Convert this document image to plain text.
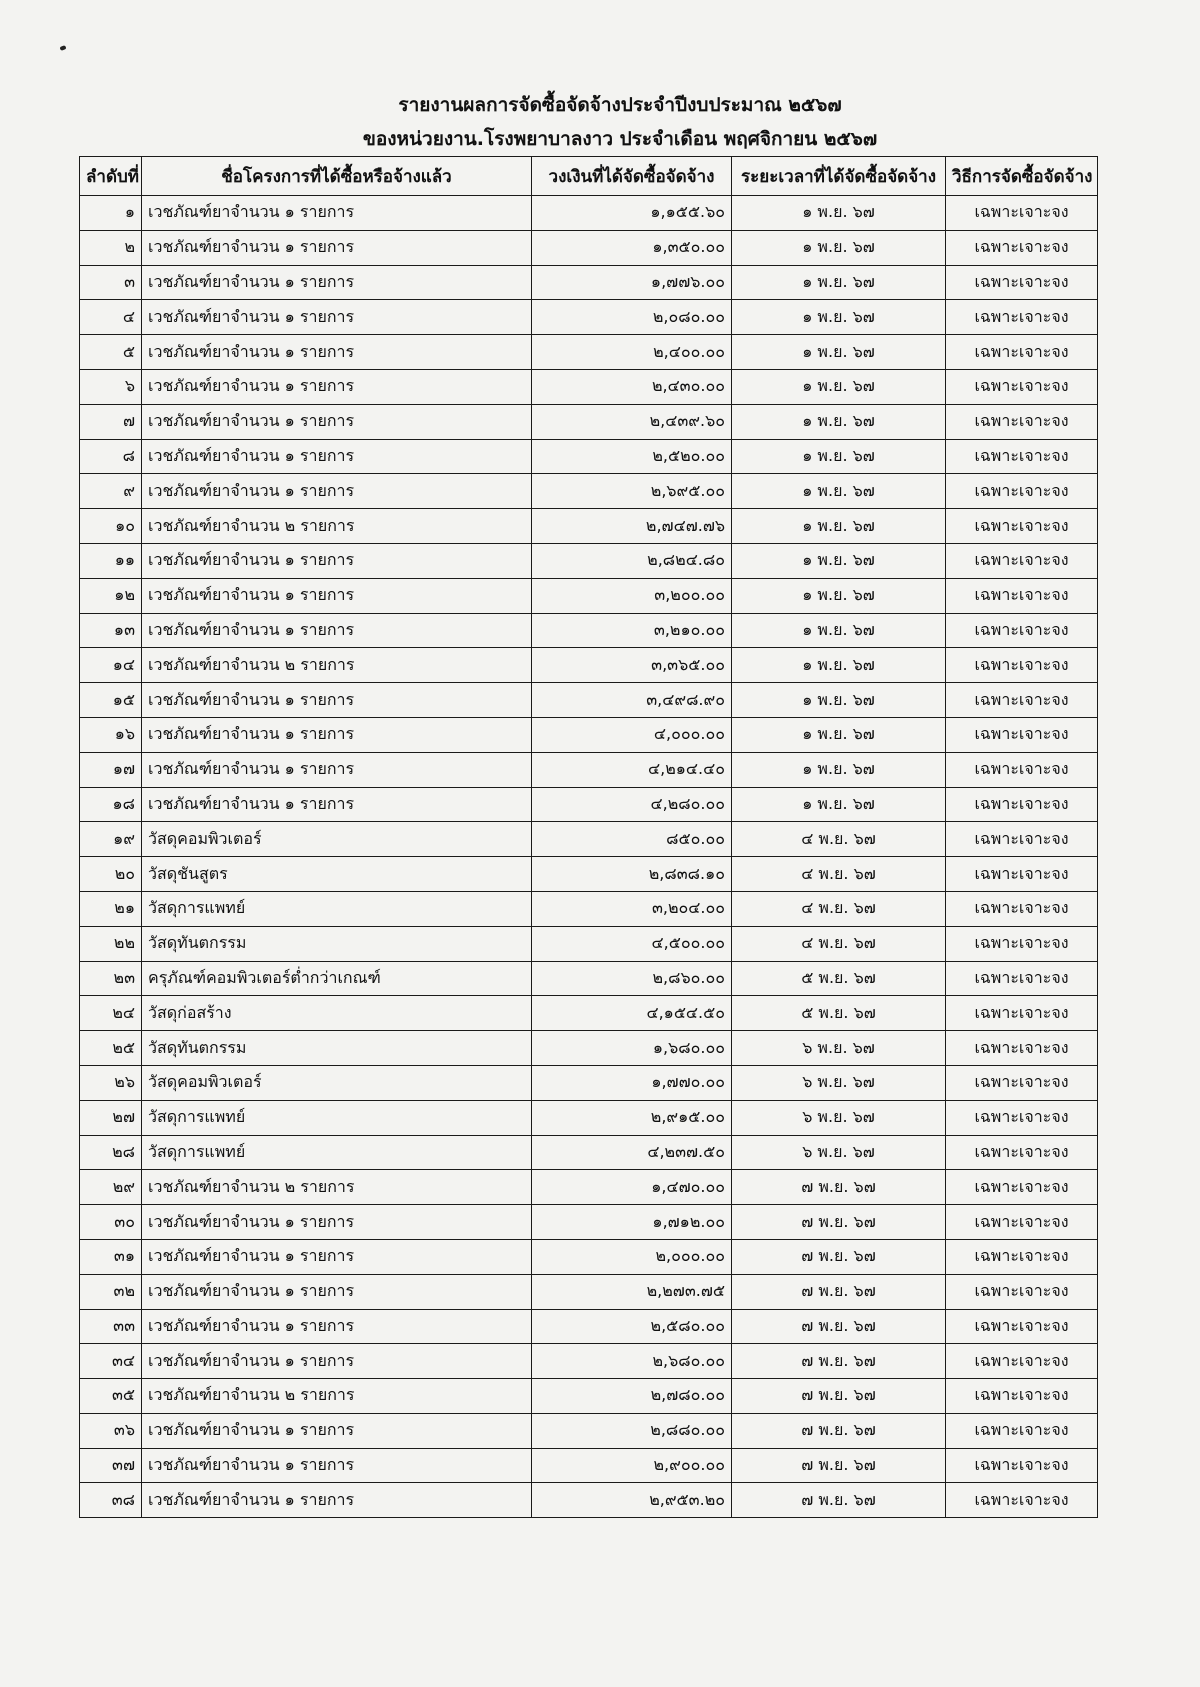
รายงานผลการจัดซื้อจัดจ้างประจำปีงบประมาณ ๒๕๖๗
ของหน่วยงาน.โรงพยาบาลงาว ประจำเดือน พฤศจิกายน ๒๕๖๗
ลำดับที่	ชื่อโครงการที่ได้ซื้อหรือจ้างแล้ว	วงเงินที่ได้จัดซื้อจัดจ้าง	ระยะเวลาที่ได้จัดซื้อจัดจ้าง	วิธีการจัดซื้อจัดจ้าง
๑	เวชภัณฑ์ยาจำนวน ๑ รายการ	๑,๑๕๕.๖๐	๑ พ.ย. ๖๗	เฉพาะเจาะจง
๒	เวชภัณฑ์ยาจำนวน ๑ รายการ	๑,๓๕๐.๐๐	๑ พ.ย. ๖๗	เฉพาะเจาะจง
๓	เวชภัณฑ์ยาจำนวน ๑ รายการ	๑,๗๗๖.๐๐	๑ พ.ย. ๖๗	เฉพาะเจาะจง
๔	เวชภัณฑ์ยาจำนวน ๑ รายการ	๒,๐๘๐.๐๐	๑ พ.ย. ๖๗	เฉพาะเจาะจง
๕	เวชภัณฑ์ยาจำนวน ๑ รายการ	๒,๔๐๐.๐๐	๑ พ.ย. ๖๗	เฉพาะเจาะจง
๖	เวชภัณฑ์ยาจำนวน ๑ รายการ	๒,๔๓๐.๐๐	๑ พ.ย. ๖๗	เฉพาะเจาะจง
๗	เวชภัณฑ์ยาจำนวน ๑ รายการ	๒,๔๓๙.๖๐	๑ พ.ย. ๖๗	เฉพาะเจาะจง
๘	เวชภัณฑ์ยาจำนวน ๑ รายการ	๒,๕๒๐.๐๐	๑ พ.ย. ๖๗	เฉพาะเจาะจง
๙	เวชภัณฑ์ยาจำนวน ๑ รายการ	๒,๖๙๕.๐๐	๑ พ.ย. ๖๗	เฉพาะเจาะจง
๑๐	เวชภัณฑ์ยาจำนวน ๒ รายการ	๒,๗๔๗.๗๖	๑ พ.ย. ๖๗	เฉพาะเจาะจง
๑๑	เวชภัณฑ์ยาจำนวน ๑ รายการ	๒,๘๒๔.๘๐	๑ พ.ย. ๖๗	เฉพาะเจาะจง
๑๒	เวชภัณฑ์ยาจำนวน ๑ รายการ	๓,๒๐๐.๐๐	๑ พ.ย. ๖๗	เฉพาะเจาะจง
๑๓	เวชภัณฑ์ยาจำนวน ๑ รายการ	๓,๒๑๐.๐๐	๑ พ.ย. ๖๗	เฉพาะเจาะจง
๑๔	เวชภัณฑ์ยาจำนวน ๒ รายการ	๓,๓๖๕.๐๐	๑ พ.ย. ๖๗	เฉพาะเจาะจง
๑๕	เวชภัณฑ์ยาจำนวน ๑ รายการ	๓,๔๙๘.๙๐	๑ พ.ย. ๖๗	เฉพาะเจาะจง
๑๖	เวชภัณฑ์ยาจำนวน ๑ รายการ	๔,๐๐๐.๐๐	๑ พ.ย. ๖๗	เฉพาะเจาะจง
๑๗	เวชภัณฑ์ยาจำนวน ๑ รายการ	๔,๒๑๔.๔๐	๑ พ.ย. ๖๗	เฉพาะเจาะจง
๑๘	เวชภัณฑ์ยาจำนวน ๑ รายการ	๔,๒๘๐.๐๐	๑ พ.ย. ๖๗	เฉพาะเจาะจง
๑๙	วัสดุคอมพิวเตอร์	๘๕๐.๐๐	๔ พ.ย. ๖๗	เฉพาะเจาะจง
๒๐	วัสดุชันสูตร	๒,๘๓๘.๑๐	๔ พ.ย. ๖๗	เฉพาะเจาะจง
๒๑	วัสดุการแพทย์	๓,๒๐๔.๐๐	๔ พ.ย. ๖๗	เฉพาะเจาะจง
๒๒	วัสดุทันตกรรม	๔,๕๐๐.๐๐	๔ พ.ย. ๖๗	เฉพาะเจาะจง
๒๓	ครุภัณฑ์คอมพิวเตอร์ต่ำกว่าเกณฑ์	๒,๘๖๐.๐๐	๕ พ.ย. ๖๗	เฉพาะเจาะจง
๒๔	วัสดุก่อสร้าง	๔,๑๕๔.๕๐	๕ พ.ย. ๖๗	เฉพาะเจาะจง
๒๕	วัสดุทันตกรรม	๑,๖๘๐.๐๐	๖ พ.ย. ๖๗	เฉพาะเจาะจง
๒๖	วัสดุคอมพิวเตอร์	๑,๗๗๐.๐๐	๖ พ.ย. ๖๗	เฉพาะเจาะจง
๒๗	วัสดุการแพทย์	๒,๙๑๕.๐๐	๖ พ.ย. ๖๗	เฉพาะเจาะจง
๒๘	วัสดุการแพทย์	๔,๒๓๗.๕๐	๖ พ.ย. ๖๗	เฉพาะเจาะจง
๒๙	เวชภัณฑ์ยาจำนวน ๒ รายการ	๑,๔๗๐.๐๐	๗ พ.ย. ๖๗	เฉพาะเจาะจง
๓๐	เวชภัณฑ์ยาจำนวน ๑ รายการ	๑,๗๑๒.๐๐	๗ พ.ย. ๖๗	เฉพาะเจาะจง
๓๑	เวชภัณฑ์ยาจำนวน ๑ รายการ	๒,๐๐๐.๐๐	๗ พ.ย. ๖๗	เฉพาะเจาะจง
๓๒	เวชภัณฑ์ยาจำนวน ๑ รายการ	๒,๒๗๓.๗๕	๗ พ.ย. ๖๗	เฉพาะเจาะจง
๓๓	เวชภัณฑ์ยาจำนวน ๑ รายการ	๒,๕๘๐.๐๐	๗ พ.ย. ๖๗	เฉพาะเจาะจง
๓๔	เวชภัณฑ์ยาจำนวน ๑ รายการ	๒,๖๘๐.๐๐	๗ พ.ย. ๖๗	เฉพาะเจาะจง
๓๕	เวชภัณฑ์ยาจำนวน ๒ รายการ	๒,๗๘๐.๐๐	๗ พ.ย. ๖๗	เฉพาะเจาะจง
๓๖	เวชภัณฑ์ยาจำนวน ๑ รายการ	๒,๘๘๐.๐๐	๗ พ.ย. ๖๗	เฉพาะเจาะจง
๓๗	เวชภัณฑ์ยาจำนวน ๑ รายการ	๒,๙๐๐.๐๐	๗ พ.ย. ๖๗	เฉพาะเจาะจง
๓๘	เวชภัณฑ์ยาจำนวน ๑ รายการ	๒,๙๕๓.๒๐	๗ พ.ย. ๖๗	เฉพาะเจาะจง
